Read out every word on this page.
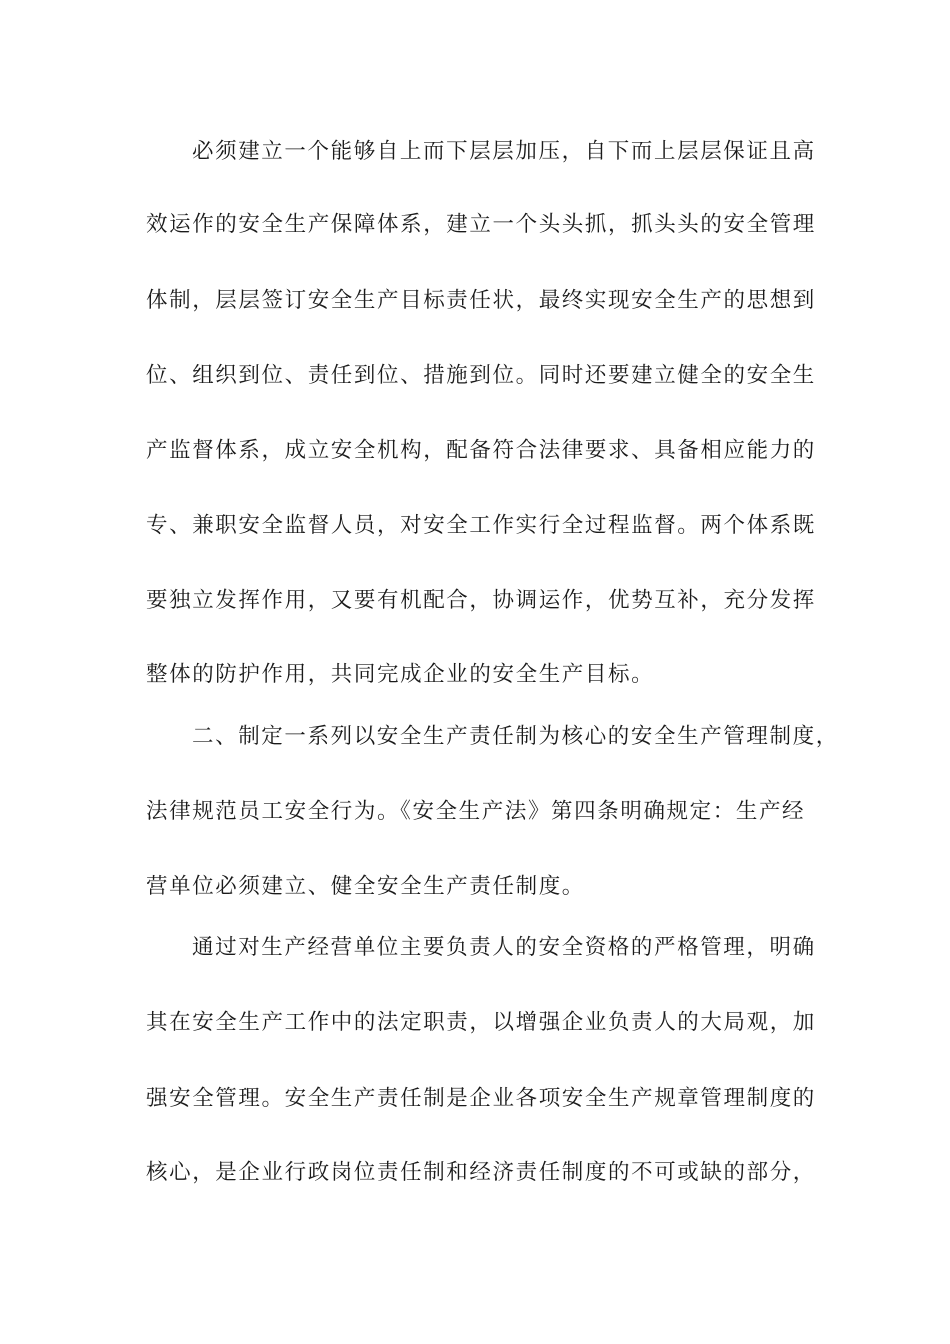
必须建立一个能够自上而下层层加压，自下而上层层保证且高
效运作的安全生产保障体系，建立一个头头抓，抓头头的安全管理
体制，层层签订安全生产目标责任状，最终实现安全生产的思想到
位、组织到位、责任到位、措施到位。同时还要建立健全的安全生
产监督体系，成立安全机构，配备符合法律要求、具备相应能力的
专、兼职安全监督人员，对安全工作实行全过程监督。两个体系既
要独立发挥作用，又要有机配合，协调运作，优势互补，充分发挥
整体的防护作用，共同完成企业的安全生产目标。
二、制定一系列以安全生产责任制为核心的安全生产管理制度，
法律规范员工安全行为。《安全生产法》第四条明确规定：生产经
营单位必须建立、健全安全生产责任制度。
通过对生产经营单位主要负责人的安全资格的严格管理，明确
其在安全生产工作中的法定职责，以增强企业负责人的大局观，加
强安全管理。安全生产责任制是企业各项安全生产规章管理制度的
核心，是企业行政岗位责任制和经济责任制度的不可或缺的部分，
